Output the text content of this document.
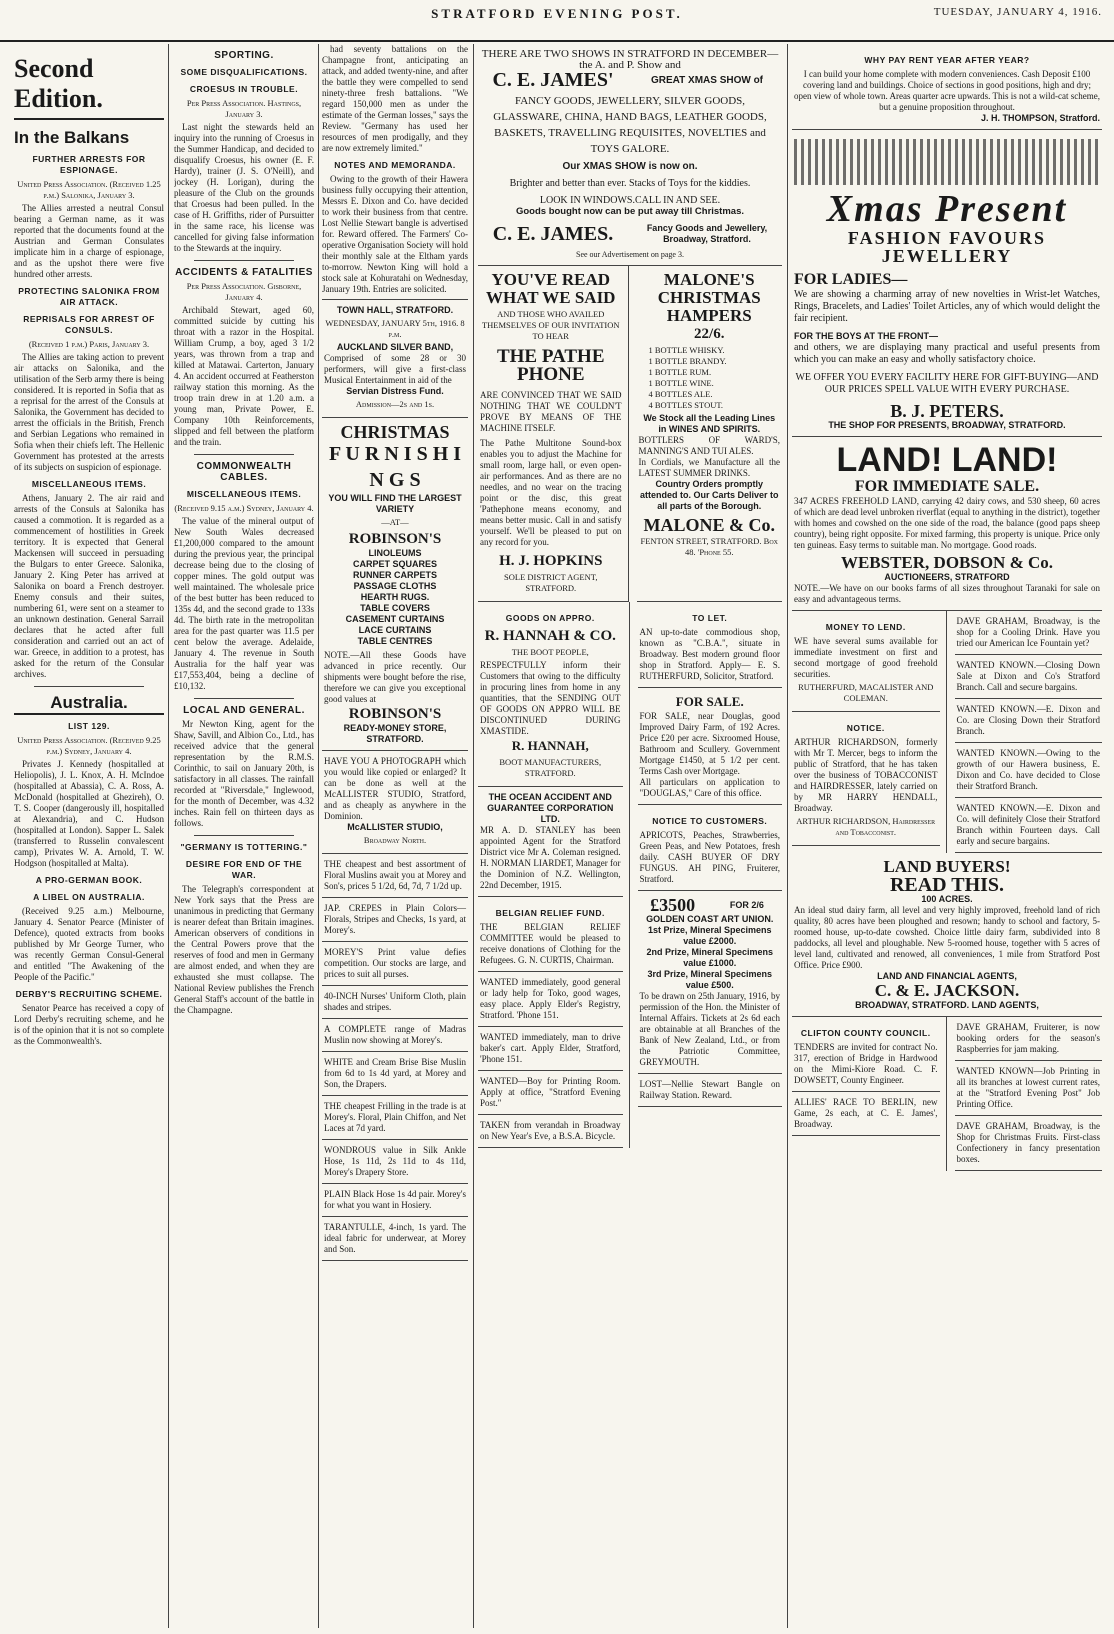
STRATFORD EVENING POST.	TUESDAY, JANUARY 4, 1916.
Second Edition.
In the Balkans
FURTHER ARRESTS FOR ESPIONAGE.
United Press Association. (Received 1.25 p.m.) Salonika, January 3.

The Allies arrested a neutral Consul bearing a German name, as it was reported that the documents found at the Austrian and German Consulates implicate him in a charge of espionage, and as the upshot there were five hundred other arrests.

PROTECTING SALONIKA FROM AIR ATTACK.
REPRISALS FOR ARREST OF CONSULS.
(Received 1 p.m.) Paris, January 3.

The Allies are taking action to prevent air attacks on Salonika, and the utilisation of the Serb army there is being considered. It is reported in Sofia that as a reprisal for the arrest of the Consuls at Salonika, the Government has decided to arrest the officials in the British, French and Serbian Legations who remained in Sofia when their chiefs left. The Hellenic Government has protested at the arrests of its subjects on suspicion of espionage.

MISCELLANEOUS ITEMS.

Athens, January 2. The air raid and arrests of the Consuls at Salonika has caused a commotion. It is regarded as a commencement of hostilities in Greek territory. It is expected that General Mackensen will succeed in persuading the Bulgars to enter Greece. Salonika, January 2. King Peter has arrived at Salonika on board a French destroyer. Enemy consuls and their suites, numbering 61, were sent on a steamer to an unknown destination. General Sarrail declares that he acted after full consideration and carried out an act of war. Greece, in addition to a protest, has asked for the return of the Consular archives.

Australia.
LIST 129.
United Press Association. (Received 9.25 p.m.) Sydney, January 4.

Privates J. Kennedy (hospitalled at Heliopolis), J. L. Knox, A. H. McIndoe (hospitalled at Abassia), C. A. Ross, A. McDonald (hospitalled at Ghezireh), O. T. S. Cooper (dangerously ill, hospitalled at Alexandria), and C. Hudson (hospitalled at London). Sapper L. Salek (transferred to Russelin convalescent camp), Privates W. A. Arnold, T. W. Hodgson (hospitalled at Malta).

A PRO-GERMAN BOOK.
A LIBEL ON AUSTRALIA.

(Received 9.25 a.m.) Melbourne, January 4. Senator Pearce (Minister of Defence), quoted extracts from books published by Mr George Turner, who was recently German Consul-General and entitled "The Awakening of the People of the Pacific."

DERBY'S RECRUITING SCHEME.

Senator Pearce has received a copy of Lord Derby's recruiting scheme, and he is of the opinion that it is not so complete as the Commonwealth's.

SPORTING.
SOME DISQUALIFICATIONS.
CROESUS IN TROUBLE.
Per Press Association. Hastings, January 3.

Last night the stewards held an inquiry into the running of Croesus in the Summer Handicap, and decided to disqualify Croesus, his owner (E. F. Hardy), trainer (J. S. O'Neill), and jockey (H. Lorigan), during the pleasure of the Club on the grounds that Croesus had been pulled. In the case of H. Griffiths, rider of Pursuitter in the same race, his license was cancelled for giving false information to the Stewards at the inquiry.

ACCIDENTS & FATALITIES
Per Press Association. Gisborne, January 4.

Archibald Stewart, aged 60, committed suicide by cutting his throat with a razor in the Hospital. William Crump, a boy, aged 3 1/2 years, was thrown from a trap and killed at Matawai. Carterton, January 4. An accident occurred at Featherston railway station this morning. As the troop train drew in at 1.20 a.m. a young man, Private Power, E. Company 10th Reinforcements, slipped and fell between the platform and the train.

COMMONWEALTH CABLES.
MISCELLANEOUS ITEMS.
(Received 9.15 a.m.) Sydney, January 4.

The value of the mineral output of New South Wales decreased £1,200,000 compared to the amount during the previous year, the principal decrease being due to the closing of copper mines. The gold output was well maintained. The wholesale price of the best butter has been reduced to 135s 4d, and the second grade to 133s 4d. The birth rate in the metropolitan area for the past quarter was 11.5 per cent below the average. Adelaide, January 4. The revenue in South Australia for the half year was £17,553,404, being a decline of £10,132.

LOCAL AND GENERAL.

Mr Newton King, agent for the Shaw, Savill, and Albion Co., Ltd., has received advice that the general representation by the R.M.S. Corinthic, to sail on January 20th, is satisfactory in all classes. The rainfall recorded at "Riversdale," Inglewood, for the month of December, was 4.32 inches. Rain fell on thirteen days as follows.

"GERMANY IS TOTTERING."
DESIRE FOR END OF THE WAR.

The Telegraph's correspondent at New York says that the Press are unanimous in predicting that Germany is nearer defeat than Britain imagines. American observers of conditions in the Central Powers prove that the reserves of food and men in Germany are almost ended, and when they are exhausted she must collapse. The National Review publishes the French General Staff's account of the battle in the Champagne.

had seventy battalions on the Champagne front, anticipating an attack, and added twenty-nine, and after the battle they were compelled to send ninety-three fresh battalions. "We regard 150,000 men as under the estimate of the German losses," says the Review. "Germany has used her resources of men prodigally, and they are now extremely limited."

NOTES AND MEMORANDA.

Owing to the growth of their Hawera business fully occupying their attention, Messrs E. Dixon and Co. have decided to work their business from that centre. Lost Nellie Stewart bangle is advertised for. Reward offered. The Farmers' Co-operative Organisation Society will hold their monthly sale at the Eltham yards to-morrow. Newton King will hold a stock sale at Kohuratahi on Wednesday, January 19th. Entries are solicited.

TOWN HALL, STRATFORD.
WEDNESDAY, JANUARY 5th, 1916. 8 p.m.
AUCKLAND SILVER BAND,
Comprised of some 28 or 30 performers, will give a first-class Musical Entertainment in aid of the
Servian Distress Fund.
Admission—2s and 1s.
CHRISTMAS
F U R N I S H I N G S
YOU WILL FIND THE LARGEST VARIETY
—AT—
ROBINSON'S
LINOLEUMS
CARPET SQUARES
RUNNER CARPETS
PASSAGE CLOTHS
HEARTH RUGS.
TABLE COVERS
CASEMENT CURTAINS
LACE CURTAINS
TABLE CENTRES
NOTE.—All these Goods have advanced in price recently. Our shipments were bought before the rise, therefore we can give you exceptional good values at
ROBINSON'S
READY-MONEY STORE, STRATFORD.
HAVE YOU A PHOTOGRAPH which you would like copied or enlarged? It can be done as well at the McALLISTER STUDIO, Stratford, and as cheaply as anywhere in the Dominion.
McALLISTER STUDIO,
Broadway North.
THE cheapest and best assortment of Floral Muslins await you at Morey and Son's, prices 5 1/2d, 6d, 7d, 7 1/2d up.
JAP. CREPES in Plain Colors—Florals, Stripes and Checks, 1s yard, at Morey's.
MOREY'S Print value defies competition. Our stocks are large, and prices to suit all purses.
40-INCH Nurses' Uniform Cloth, plain shades and stripes.
A COMPLETE range of Madras Muslin now showing at Morey's.
WHITE and Cream Brise Bise Muslin from 6d to 1s 4d yard, at Morey and Son, the Drapers.
THE cheapest Frilling in the trade is at Morey's. Floral, Plain Chiffon, and Net Laces at 7d yard.
WONDROUS value in Silk Ankle Hose, 1s 11d, 2s 11d to 4s 11d, Morey's Drapery Store.
PLAIN Black Hose 1s 4d pair. Morey's for what you want in Hosiery.
TARANTULLE, 4-inch, 1s yard. The ideal fabric for underwear, at Morey and Son.
THERE ARE TWO SHOWS IN STRATFORD IN DECEMBER—the A. and P. Show and
C. E. JAMES'	GREAT XMAS SHOW of
FANCY GOODS, JEWELLERY, SILVER GOODS, GLASSWARE, CHINA, HAND BAGS, LEATHER GOODS, BASKETS, TRAVELLING REQUISITES, NOVELTIES and TOYS GALORE.
Our XMAS SHOW is now on.
Brighter and better than ever. Stacks of Toys for the kiddies.
LOOK IN WINDOWS.CALL IN AND SEE.
Goods bought now can be put away till Christmas.
C. E. JAMES.	Fancy Goods and Jewellery, Broadway, Stratford.
See our Advertisement on page 3.
YOU'VE READ WHAT WE SAID
AND THOSE WHO AVAILED THEMSELVES OF OUR INVITATION TO HEAR
THE PATHE PHONE
ARE CONVINCED THAT WE SAID NOTHING THAT WE COULDN'T PROVE BY MEANS OF THE MACHINE ITSELF.
The Pathe Multitone Sound-box enables you to adjust the Machine for small room, large hall, or even open-air performances. And as there are no needles, and no wear on the tracing point or the disc, this great 'Pathephone means economy, and means better music. Call in and satisfy yourself. We'll be pleased to put on any record for you.
H. J. HOPKINS
SOLE DISTRICT AGENT, STRATFORD.
MALONE'S CHRISTMAS HAMPERS
22/6.
1 BOTTLE WHISKY.
1 BOTTLE BRANDY.
1 BOTTLE RUM.
1 BOTTLE WINE.
4 BOTTLES ALE.
4 BOTTLES STOUT.
We Stock all the Leading Lines in WINES AND SPIRITS.
BOTTLERS OF WARD'S, MANNING'S AND TUI ALES.
In Cordials, we Manufacture all the LATEST SUMMER DRINKS.
Country Orders promptly attended to. Our Carts Deliver to all parts of the Borough.
MALONE & Co.
FENTON STREET, STRATFORD. Box 48. 'Phone 55.
GOODS ON APPRO.
R. HANNAH & CO.
THE BOOT PEOPLE,
RESPECTFULLY inform their Customers that owing to the difficulty in procuring lines from home in any quantities, that the SENDING OUT OF GOODS ON APPRO WILL BE DISCONTINUED DURING XMASTIDE.
R. HANNAH,
BOOT MANUFACTURERS, STRATFORD.
THE OCEAN ACCIDENT AND GUARANTEE CORPORATION LTD.
MR A. D. STANLEY has been appointed Agent for the Stratford District vice Mr A. Coleman resigned. H. NORMAN LIARDET, Manager for the Dominion of N.Z. Wellington, 22nd December, 1915.
BELGIAN RELIEF FUND.
THE BELGIAN RELIEF COMMITTEE would be pleased to receive donations of Clothing for the Refugees. G. N. CURTIS, Chairman.
WANTED immediately, good general or lady help for Toko, good wages, easy place. Apply Elder's Registry, Stratford. 'Phone 151.
WANTED immediately, man to drive baker's cart. Apply Elder, Stratford, 'Phone 151.
WANTED—Boy for Printing Room. Apply at office, "Stratford Evening Post."
TAKEN from verandah in Broadway on New Year's Eve, a B.S.A. Bicycle.
TO LET.
AN up-to-date commodious shop, known as "C.B.A.", situate in Broadway. Best modern ground floor shop in Stratford. Apply— E. S. RUTHERFURD, Solicitor, Stratford.
FOR SALE.
FOR SALE, near Douglas, good Improved Dairy Farm, of 192 Acres. Price £20 per acre. Sixroomed House, Bathroom and Scullery. Government Mortgage £1450, at 5 1/2 per cent. Terms Cash over Mortgage.
All particulars on application to "DOUGLAS," Care of this office.
NOTICE TO CUSTOMERS.
APRICOTS, Peaches, Strawberries, Green Peas, and New Potatoes, fresh daily. CASH BUYER OF DRY FUNGUS. AH PING, Fruiterer, Stratford.
£3500	FOR 2/6
GOLDEN COAST ART UNION.
1st Prize, Mineral Specimens value £2000.
2nd Prize, Mineral Specimens value £1000.
3rd Prize, Mineral Specimens value £500.
To be drawn on 25th January, 1916, by permission of the Hon. the Minister of Internal Affairs. Tickets at 2s 6d each are obtainable at all Branches of the Bank of New Zealand, Ltd., or from the Patriotic Committee, GREYMOUTH.
LOST—Nellie Stewart Bangle on Railway Station. Reward.
WHY PAY RENT YEAR AFTER YEAR?
I can build your home complete with modern conveniences. Cash Deposit £100 covering land and buildings. Choice of sections in good positions, high and dry; open view of whole town. Areas quarter acre upwards. This is not a wild-cat scheme, but a genuine proposition throughout.
J. H. THOMPSON, Stratford.
Xmas Present
FASHION FAVOURS JEWELLERY
FOR LADIES—
We are showing a charming array of new novelties in Wrist-let Watches, Rings, Bracelets, and Ladies' Toilet Articles, any of which would delight the fair recipient.
FOR THE BOYS AT THE FRONT—
and others, we are displaying many practical and useful presents from which you can make an easy and wholly satisfactory choice.
WE OFFER YOU EVERY FACILITY HERE FOR GIFT-BUYING—AND OUR PRICES SPELL VALUE WITH EVERY PURCHASE.
B. J. PETERS.
THE SHOP FOR PRESENTS, BROADWAY, STRATFORD.
LAND! LAND!
FOR IMMEDIATE SALE.
347 ACRES FREEHOLD LAND, carrying 42 dairy cows, and 530 sheep, 60 acres of which are dead level unbroken riverflat (equal to anything in the district), together with homes and cowshed on the one side of the road, the balance (good paps sheep country), being right opposite. For mixed farming, this property is unique. Price only ten guineas. Easy terms to suitable man. No mortgage. Good roads.
WEBSTER, DOBSON & Co.
AUCTIONEERS, STRATFORD
NOTE.—We have on our books farms of all sizes throughout Taranaki for sale on easy and advantageous terms.
MONEY TO LEND.
WE have several sums available for immediate investment on first and second mortgage of good freehold securities.
RUTHERFURD, MACALISTER AND COLEMAN.
NOTICE.
ARTHUR RICHARDSON, formerly with Mr T. Mercer, begs to inform the public of Stratford, that he has taken over the business of TOBACCONIST and HAIRDRESSER, lately carried on by MR HARRY HENDALL, Broadway.
ARTHUR RICHARDSON, Hairdresser and Tobacconist.
DAVE GRAHAM, Broadway, is the shop for a Cooling Drink. Have you tried our American Ice Fountain yet?
WANTED KNOWN.—Closing Down Sale at Dixon and Co's Stratford Branch. Call and secure bargains.
WANTED KNOWN.—E. Dixon and Co. are Closing Down their Stratford Branch.
WANTED KNOWN.—Owing to the growth of our Hawera business, E. Dixon and Co. have decided to Close their Stratford Branch.
WANTED KNOWN.—E. Dixon and Co. will definitely Close their Stratford Branch within Fourteen days. Call early and secure bargains.
LAND BUYERS!
READ THIS.
100 ACRES.
An ideal stud dairy farm, all level and very highly improved, freehold land of rich quality, 80 acres have been ploughed and resown; handy to school and factory, 5-roomed house, up-to-date cowshed. Choice little dairy farm, subdivided into 8 paddocks, all level and ploughable. New 5-roomed house, together with 5 acres of level land, cultivated and renowed, all conveniences, 1 mile from Stratford Post Office. Price £900.
LAND AND FINANCIAL AGENTS,
C. & E. JACKSON.
BROADWAY, STRATFORD. LAND AGENTS,
CLIFTON COUNTY COUNCIL.
TENDERS are invited for contract No. 317, erection of Bridge in Hardwood on the Mimi-Kiore Road. C. F. DOWSETT, County Engineer.
ALLIES' RACE TO BERLIN, new Game, 2s each, at C. E. James', Broadway.
DAVE GRAHAM, Fruiterer, is now booking orders for the season's Raspberries for jam making.
WANTED KNOWN—Job Printing in all its branches at lowest current rates, at the "Stratford Evening Post" Job Printing Office.
DAVE GRAHAM, Broadway, is the Shop for Christmas Fruits. First-class Confectionery in fancy presentation boxes.
